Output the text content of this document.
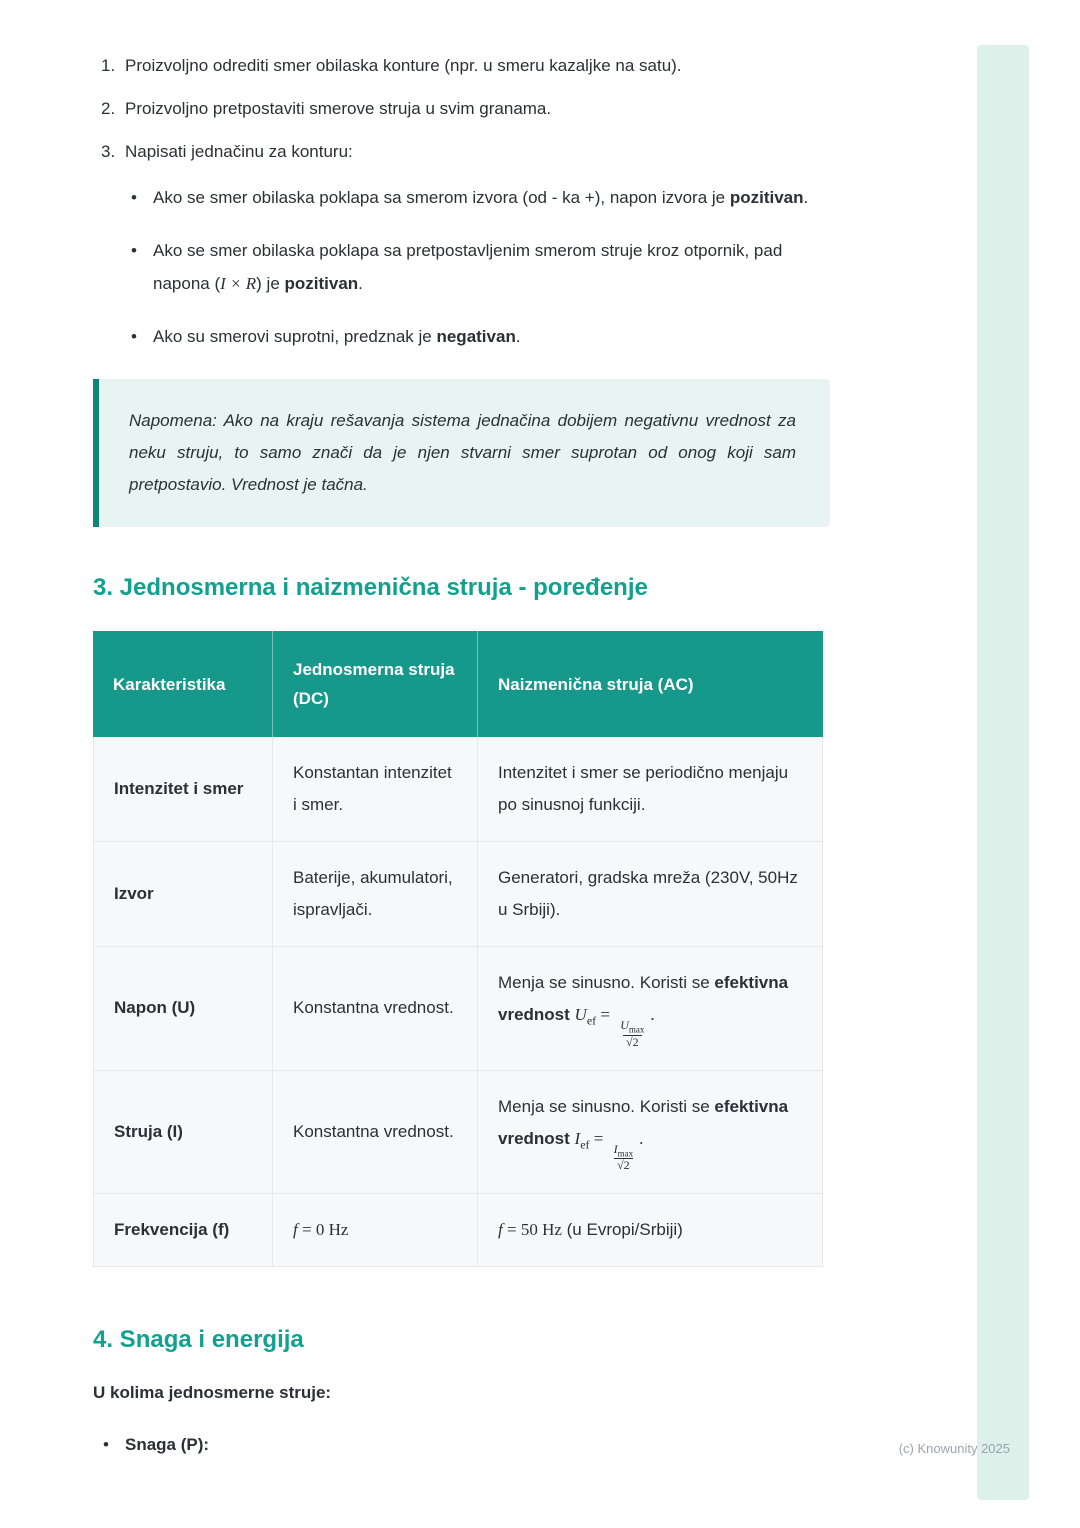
1. Proizvoljno odrediti smer obilaska konture (npr. u smeru kazaljke na satu).
2. Proizvoljno pretpostaviti smerove struja u svim granama.
3. Napisati jednačinu za konturu:
• Ako se smer obilaska poklapa sa smerom izvora (od - ka +), napon izvora je pozitivan.
• Ako se smer obilaska poklapa sa pretpostavljenim smerom struje kroz otpornik, pad napona (I × R) je pozitivan.
• Ako su smerovi suprotni, predznak je negativan.

Napomena: Ako na kraju rešavanja sistema jednačina dobijem negativnu vrednost za neku struju, to samo znači da je njen stvarni smer suprotan od onog koji sam pretpostavio. Vrednost je tačna.

3. Jednosmerna i naizmenična struja - poređenje
Karakteristika	Jednosmerna struja (DC)	Naizmenična struja (AC)
Intenzitet i smer	Konstantan intenzitet i smer.	Intenzitet i smer se periodično menjaju po sinusnoj funkciji.
Izvor	Baterije, akumulatori, ispravljači.	Generatori, gradska mreža (230V, 50Hz u Srbiji).
Napon (U)	Konstantna vrednost.	Menja se sinusno. Koristi se efektivna vrednost $U_{ef}$ =
$\frac{U_{max}}{√2}$
.
Struja (I)	Konstantna vrednost.	Menja se sinusno. Koristi se efektivna vrednost $I_{ef}$ =
$\frac{I_{max}}{√2}$
.
Frekvencija (f)	f = 0 Hz	f = 50 Hz (u Evropi/Srbiji)
4. Snaga i energija

U kolima jednosmerne struje:

• Snaga (P):	(c) Knowunity 2025
